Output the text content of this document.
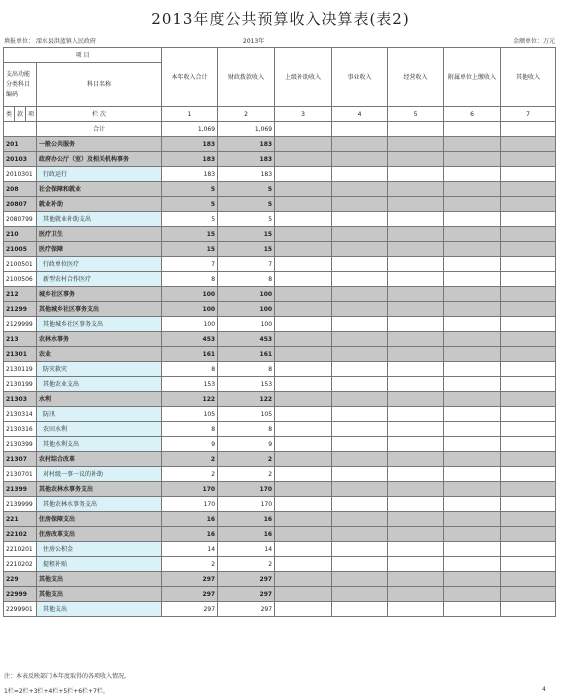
2013年度公共预算收入决算表(表2)
填报单位： 溧水县洪蓝镇人民政府	2013年	金额单位：万元
项 目				本年收入合计	财政拨款收入	上级补助收入	事业收入	经营收入	附属单位上缴收入	其他收入
支出功能分类科目编码			科目名称							
类	款	项	栏 次	1	2	3	4	5	6	7
			合计	1,069	1,069					
201			一般公共服务	183	183					
20103			政府办公厅（室）及相关机构事务	183	183					
2010301			行政运行	183	183					
208			社会保障和就业	5	5					
20807			就业补助	5	5					
2080799			其他就业补助支出	5	5					
210			医疗卫生	15	15					
21005			医疗保障	15	15					
2100501			行政单位医疗	7	7					
2100506			新型农村合作医疗	8	8					
212			城乡社区事务	100	100					
21299			其他城乡社区事务支出	100	100					
2129999			其他城乡社区事务支出	100	100					
213			农林水事务	453	453					
21301			农业	161	161					
2130119			防灾救灾	8	8					
2130199			其他农业支出	153	153					
21303			水利	122	122					
2130314			防汛	105	105					
2130316			农田水利	8	8					
2130399			其他水利支出	9	9					
21307			农村综合改革	2	2					
2130701			对村级一事一议的补助	2	2					
21399			其他农林水事务支出	170	170					
2139999			其他农林水事务支出	170	170					
221			住房保障支出	16	16					
22102			住房改革支出	16	16					
2210201			住房公积金	14	14					
2210202			提租补贴	2	2					
229			其他支出	297	297					
22999			其他支出	297	297					
2299901			其他支出	297	297					
注：本表反映部门本年度取得的各项收入情况。
1栏=2栏+3栏+4栏+5栏+6栏+7栏。	4
